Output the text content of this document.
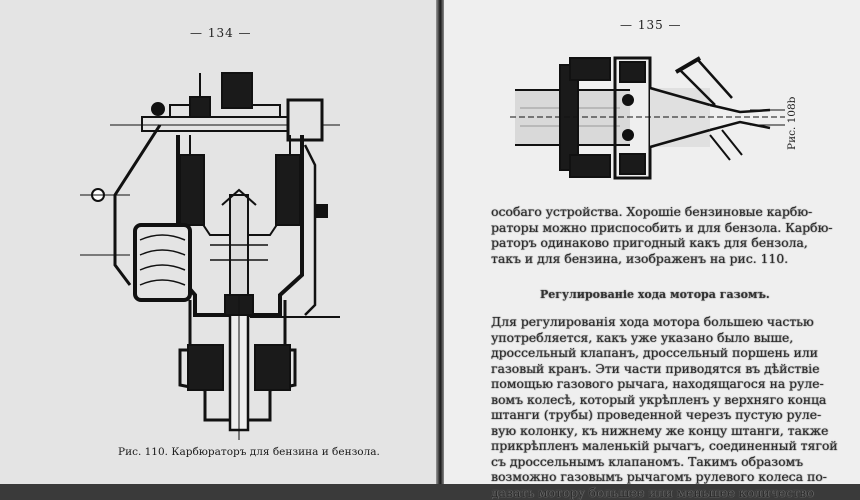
— 134 —
Рис. 110. Карбюраторъ для бензина и бензола.
— 135 —
Рис. 108b
особаго устройства. Хорошіе бензиновые карбю-
раторы можно приспособить и для бензола. Карбю-
раторъ одинаково пригодный какъ для бензола,
такъ и для бензина, изображенъ на рис. 110.
Регулированіе хода мотора газомъ.
Для регулированія хода мотора большею частью
употребляется, какъ уже указано было выше,
дроссельный клапанъ, дроссельный поршень или
газовый кранъ. Эти части приводятся въ дѣйствіе
помощью газового рычага, находящагося на руле-
вомъ колесѣ, который укрѣпленъ у верхняго конца
штанги (трубы) проведенной черезъ пустую руле-
вую колонку, къ нижнему же концу штанги, также
прикрѣпленъ маленькій рычагъ, соединенный тягой
съ дроссельнымъ клапаномъ. Такимъ образомъ
возможно газовымъ рычагомъ рулевого колеса по-
давать мотору большее или меньшее количество
